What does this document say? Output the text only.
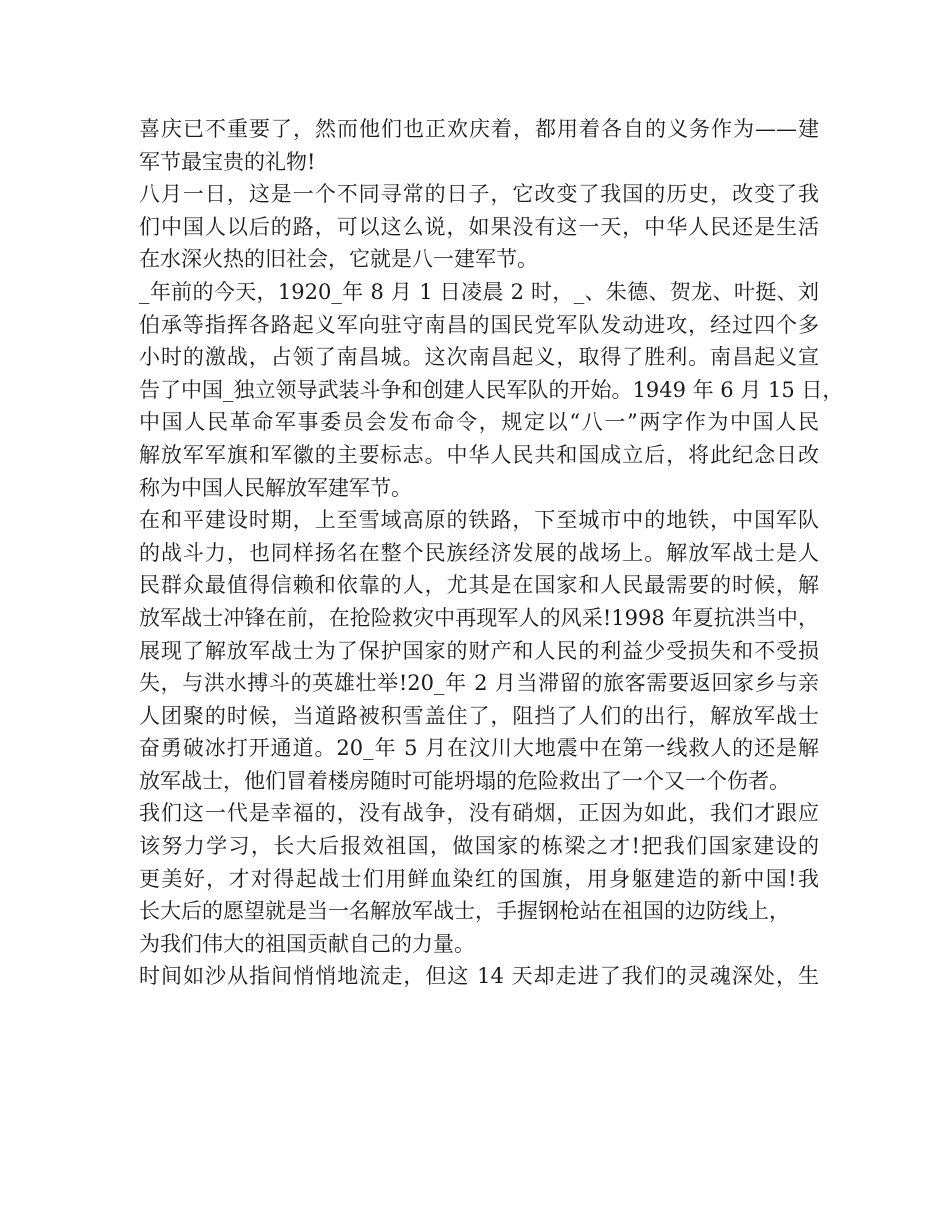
喜庆已不重要了，然而他们也正欢庆着，都用着各自的义务作为——建
军节最宝贵的礼物!
八月一日，这是一个不同寻常的日子，它改变了我国的历史，改变了我
们中国人以后的路，可以这么说，如果没有这一天，中华人民还是生活
在水深火热的旧社会，它就是八一建军节。
_年前的今天，1920_年 8 月 1 日凌晨 2 时，_、朱德、贺龙、叶挺、刘
伯承等指挥各路起义军向驻守南昌的国民党军队发动进攻，经过四个多
小时的激战，占领了南昌城。这次南昌起义，取得了胜利。南昌起义宣
告了中国_独立领导武装斗争和创建人民军队的开始。1949 年 6 月 15 日，
中国人民革命军事委员会发布命令，规定以“八一”两字作为中国人民
解放军军旗和军徽的主要标志。中华人民共和国成立后，将此纪念日改
称为中国人民解放军建军节。
在和平建设时期，上至雪域高原的铁路，下至城市中的地铁，中国军队
的战斗力，也同样扬名在整个民族经济发展的战场上。解放军战士是人
民群众最值得信赖和依靠的人，尤其是在国家和人民最需要的时候，解
放军战士冲锋在前，在抢险救灾中再现军人的风采!1998 年夏抗洪当中，
展现了解放军战士为了保护国家的财产和人民的利益少受损失和不受损
失，与洪水搏斗的英雄壮举!20_年 2 月当滞留的旅客需要返回家乡与亲
人团聚的时候，当道路被积雪盖住了，阻挡了人们的出行，解放军战士
奋勇破冰打开通道。20_年 5 月在汶川大地震中在第一线救人的还是解
放军战士，他们冒着楼房随时可能坍塌的危险救出了一个又一个伤者。
我们这一代是幸福的，没有战争，没有硝烟，正因为如此，我们才跟应
该努力学习，长大后报效祖国，做国家的栋梁之才!把我们国家建设的
更美好，才对得起战士们用鲜血染红的国旗，用身躯建造的新中国!我
长大后的愿望就是当一名解放军战士，手握钢枪站在祖国的边防线上，
为我们伟大的祖国贡献自己的力量。
时间如沙从指间悄悄地流走，但这 14 天却走进了我们的灵魂深处，生
